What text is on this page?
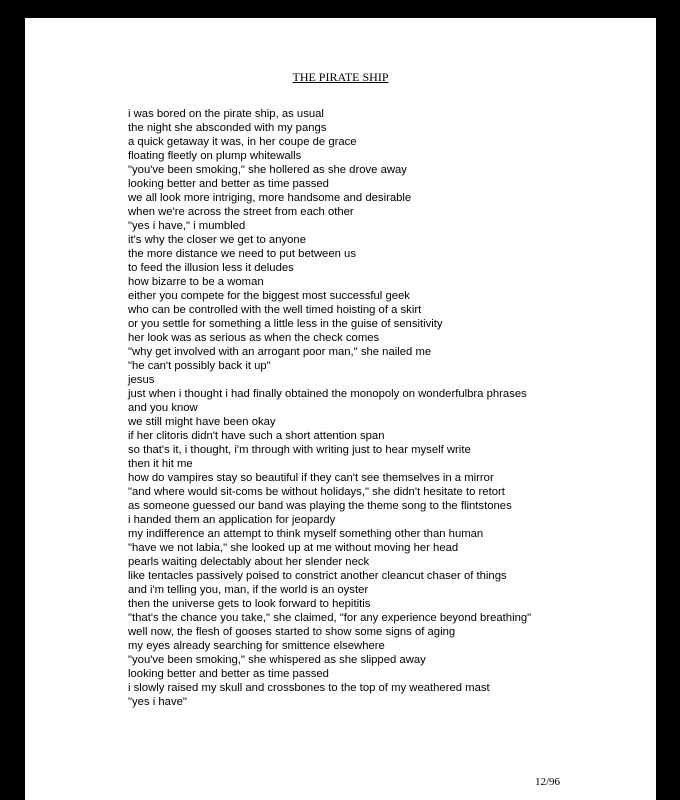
THE PIRATE SHIP
i was bored on the pirate ship, as usual
the night she absconded with my pangs
a quick getaway it was, in her coupe de grace
floating fleetly on plump whitewalls
"you've been smoking," she hollered as she drove away
looking better and better as time passed
we all look more intriging, more handsome and desirable
when we're across the street from each other
"yes i have," i mumbled
it's why the closer we get to anyone
the more distance we need to put between us
to feed the illusion less it deludes
how bizarre to be a woman
either you compete for the biggest most successful geek
who can be controlled with the well timed hoisting of a skirt
or you settle for something a little less in the guise of sensitivity
her look was as serious as when the check comes
"why get involved with an arrogant poor man," she nailed me
"he can't possibly back it up"
jesus
just when i thought i had finally obtained the monopoly on wonderfulbra phrases
and you know
we still might have been okay
if her clitoris didn't have such a short attention span
so that's it, i thought, i'm through with writing just to hear myself write
then it hit me
how do vampires stay so beautiful if they can't see themselves in a mirror
"and where would sit-coms be without holidays," she didn't hesitate to retort
as someone guessed our band was playing the theme song to the flintstones
i handed them an application for jeopardy
my indifference an attempt to think myself something other than human
"have we not labia," she looked up at me without moving her head
pearls waiting delectably about her slender neck
like tentacles passively poised to constrict another cleancut chaser of things
and i'm telling you, man, if the world is an oyster
then the universe gets to look forward to hepititis
"that's the chance you take," she claimed, "for any experience beyond breathing"
well now, the flesh of gooses started to show some signs of aging
my eyes already searching for smittence elsewhere
"you've been smoking," she whispered as she slipped away
looking better and better as time passed
i slowly raised my skull and crossbones to the top of my weathered mast
"yes i have"
12/96
